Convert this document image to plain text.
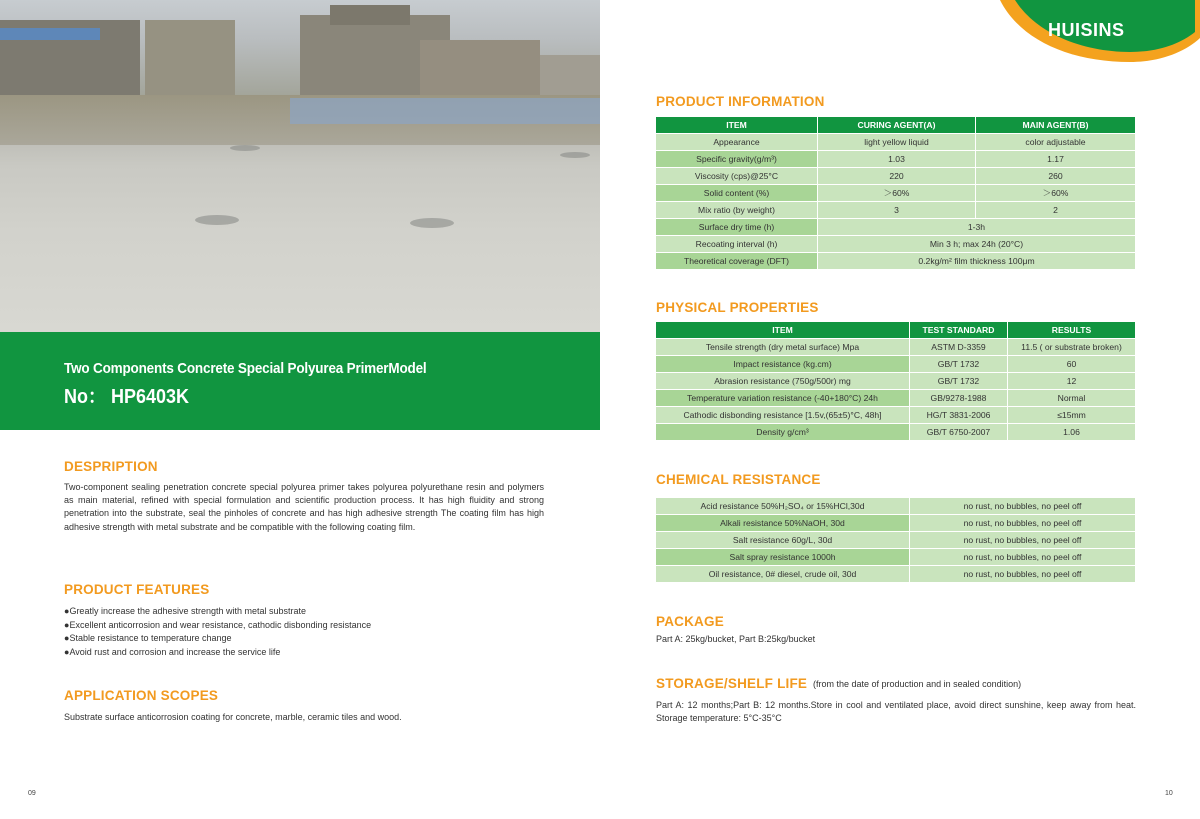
Two Components Concrete Special Polyurea PrimerModel
No： HP6403K
DESPRIPTION
Two-component sealing penetration concrete special polyurea primer takes polyurea polyurethane resin and polymers as main material, refined with special formulation and scientific production process. It has high fluidity and strong penetration into the substrate, seal the pinholes of concrete and has high adhesive strength The coating film has high adhesive strength with metal substrate and be compatible with the following coating film.
PRODUCT FEATURES
● Greatly increase the adhesive strength with metal substrate
● Excellent anticorrosion and wear resistance, cathodic disbonding resistance
● Stable resistance to temperature change
● Avoid rust and corrosion and increase the service life
APPLICATION SCOPES
Substrate surface anticorrosion coating for concrete, marble, ceramic tiles and wood.
09
HUISINS
PRODUCT INFORMATION
ITEM	CURING AGENT(A)	MAIN AGENT(B)
Appearance	light yellow liquid	color adjustable
Specific gravity(g/m³)	1.03	1.17
Viscosity (cps)@25°C	220	260
Solid content (%)	＞60%	＞60%
Mix ratio (by weight)	3	2
Surface dry time (h)	1-3h	
Recoating interval (h)	Min 3 h; max 24h (20°C)	
Theoretical coverage (DFT)	0.2kg/m² film thickness 100μm	
PHYSICAL PROPERTIES
ITEM	TEST STANDARD	RESULTS
Tensile strength (dry metal surface) Mpa	ASTM D-3359	11.5 ( or substrate broken)
Impact resistance (kg.cm)	GB/T 1732	60
Abrasion resistance (750g/500r) mg	GB/T 1732	12
Temperature variation resistance (-40+180°C) 24h	GB/9278-1988	Normal
Cathodic disbonding resistance [1.5v,(65±5)°C, 48h]	HG/T 3831-2006	≤15mm
Density g/cm³	GB/T 6750-2007	1.06
CHEMICAL RESISTANCE
Acid resistance 50%H₂SO₄ or 15%HCl,30d	no rust, no bubbles, no peel off
Alkali resistance 50%NaOH, 30d	no rust, no bubbles, no peel off
Salt resistance 60g/L, 30d	no rust, no bubbles, no peel off
Salt spray resistance 1000h	no rust, no bubbles, no peel off
Oil resistance, 0# diesel, crude oil, 30d	no rust, no bubbles, no peel off
PACKAGE
Part A: 25kg/bucket, Part B:25kg/bucket
STORAGE/SHELF LIFE (from the date of production and in sealed condition)
Part A: 12 months;Part B: 12 months.Store in cool and ventilated place, avoid direct sunshine, keep away from heat. Storage temperature: 5°C-35°C
10
